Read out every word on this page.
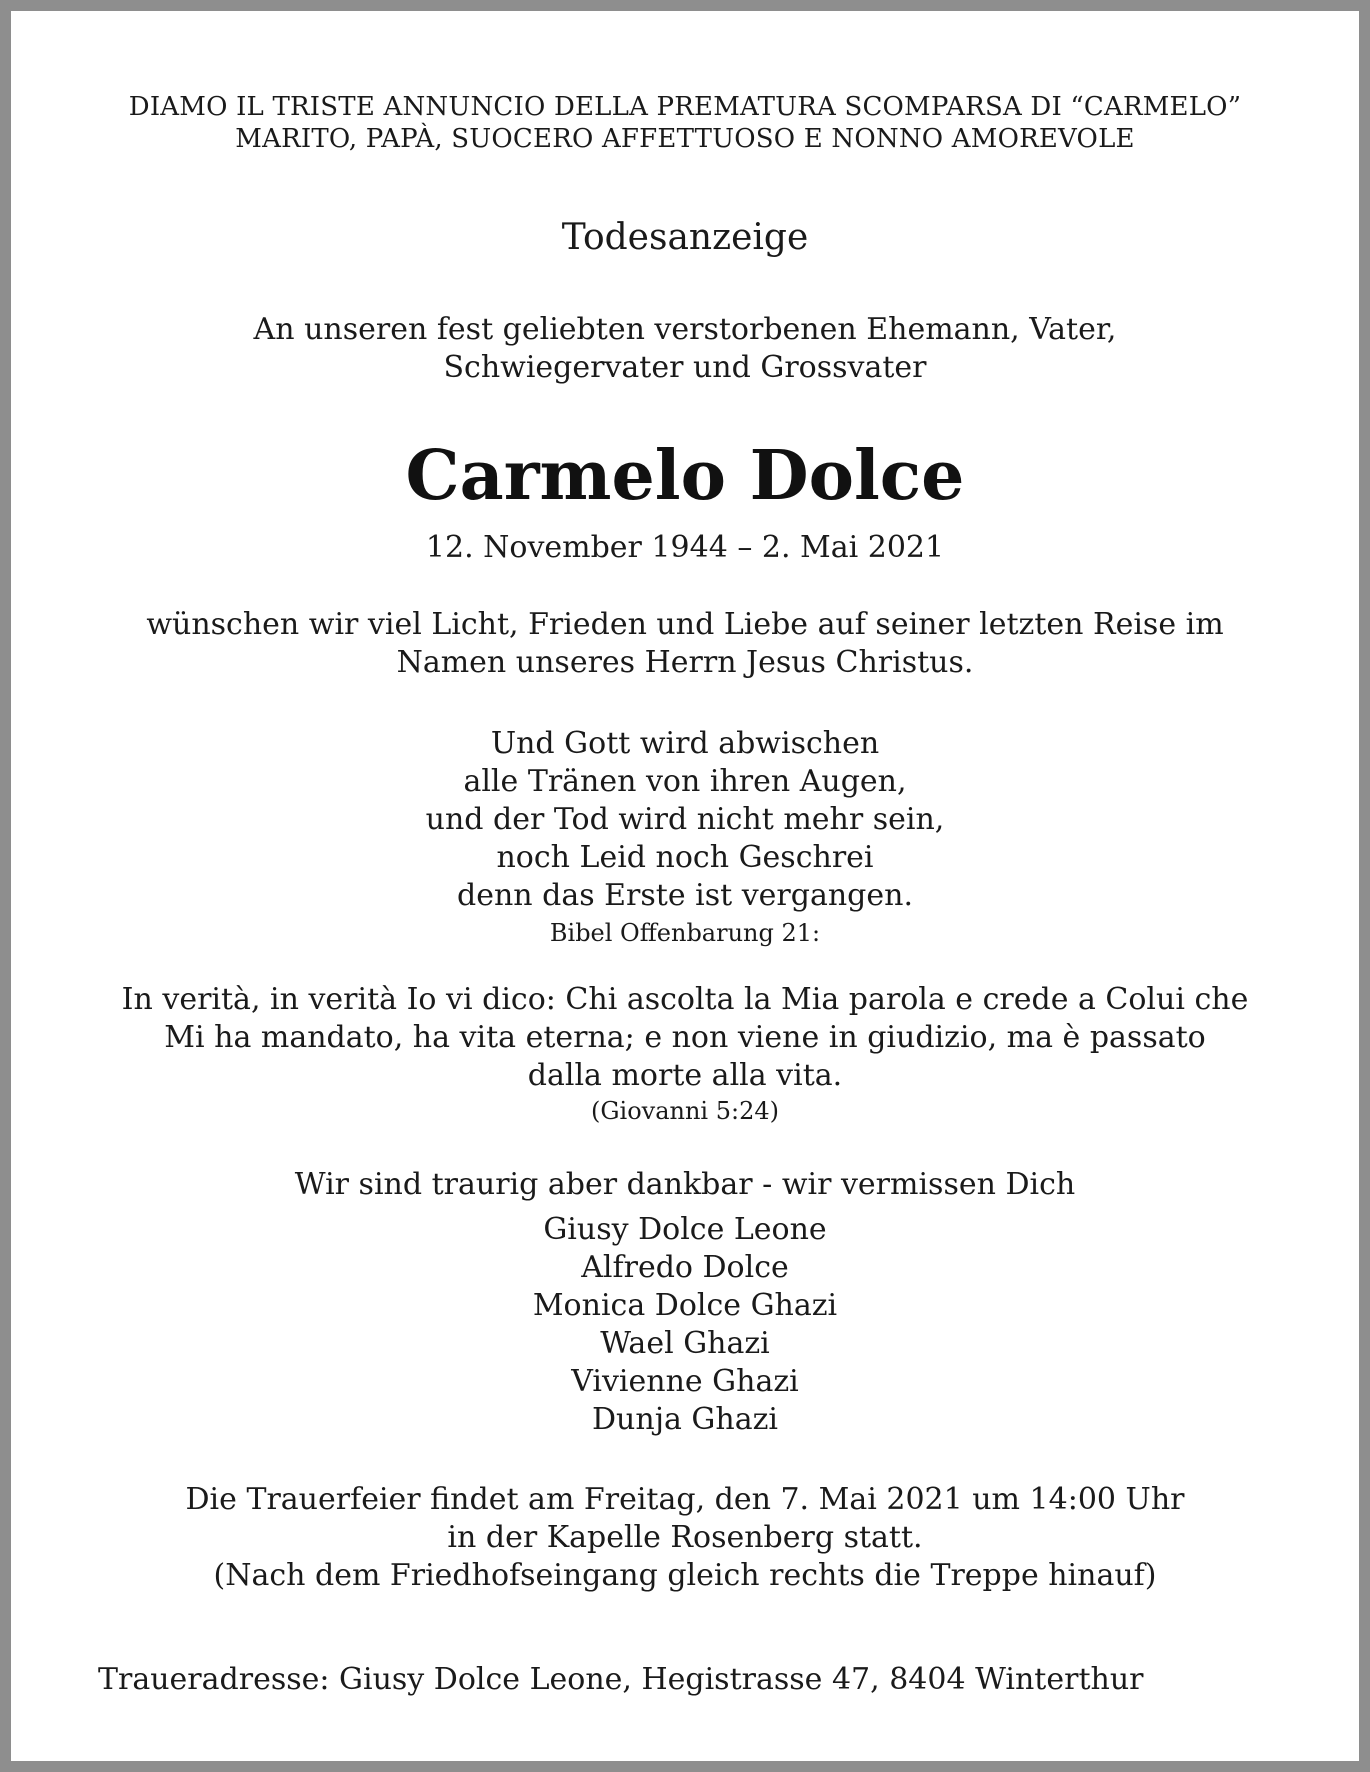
DIAMO IL TRISTE ANNUNCIO DELLA PREMATURA SCOMPARSA DI “CARMELO”
MARITO, PAPÀ, SUOCERO AFFETTUOSO E NONNO AMOREVOLE
Todesanzeige
An unseren fest geliebten verstorbenen Ehemann, Vater,
Schwiegervater und Grossvater
Carmelo Dolce
12. November 1944 – 2. Mai 2021
wünschen wir viel Licht, Frieden und Liebe auf seiner letzten Reise im
Namen unseres Herrn Jesus Christus.
Und Gott wird abwischen
alle Tränen von ihren Augen,
und der Tod wird nicht mehr sein,
noch Leid noch Geschrei
denn das Erste ist vergangen.
Bibel Offenbarung 21:
In verità, in verità Io vi dico: Chi ascolta la Mia parola e crede a Colui che
Mi ha mandato, ha vita eterna; e non viene in giudizio, ma è passato
dalla morte alla vita.
(Giovanni 5:24)
Wir sind traurig aber dankbar - wir vermissen Dich
Giusy Dolce Leone
Alfredo Dolce
Monica Dolce Ghazi
Wael Ghazi
Vivienne Ghazi
Dunja Ghazi
Die Trauerfeier findet am Freitag, den 7. Mai 2021 um 14:00 Uhr
in der Kapelle Rosenberg statt.
(Nach dem Friedhofseingang gleich rechts die Treppe hinauf)
Traueradresse: Giusy Dolce Leone, Hegistrasse 47, 8404 Winterthur
